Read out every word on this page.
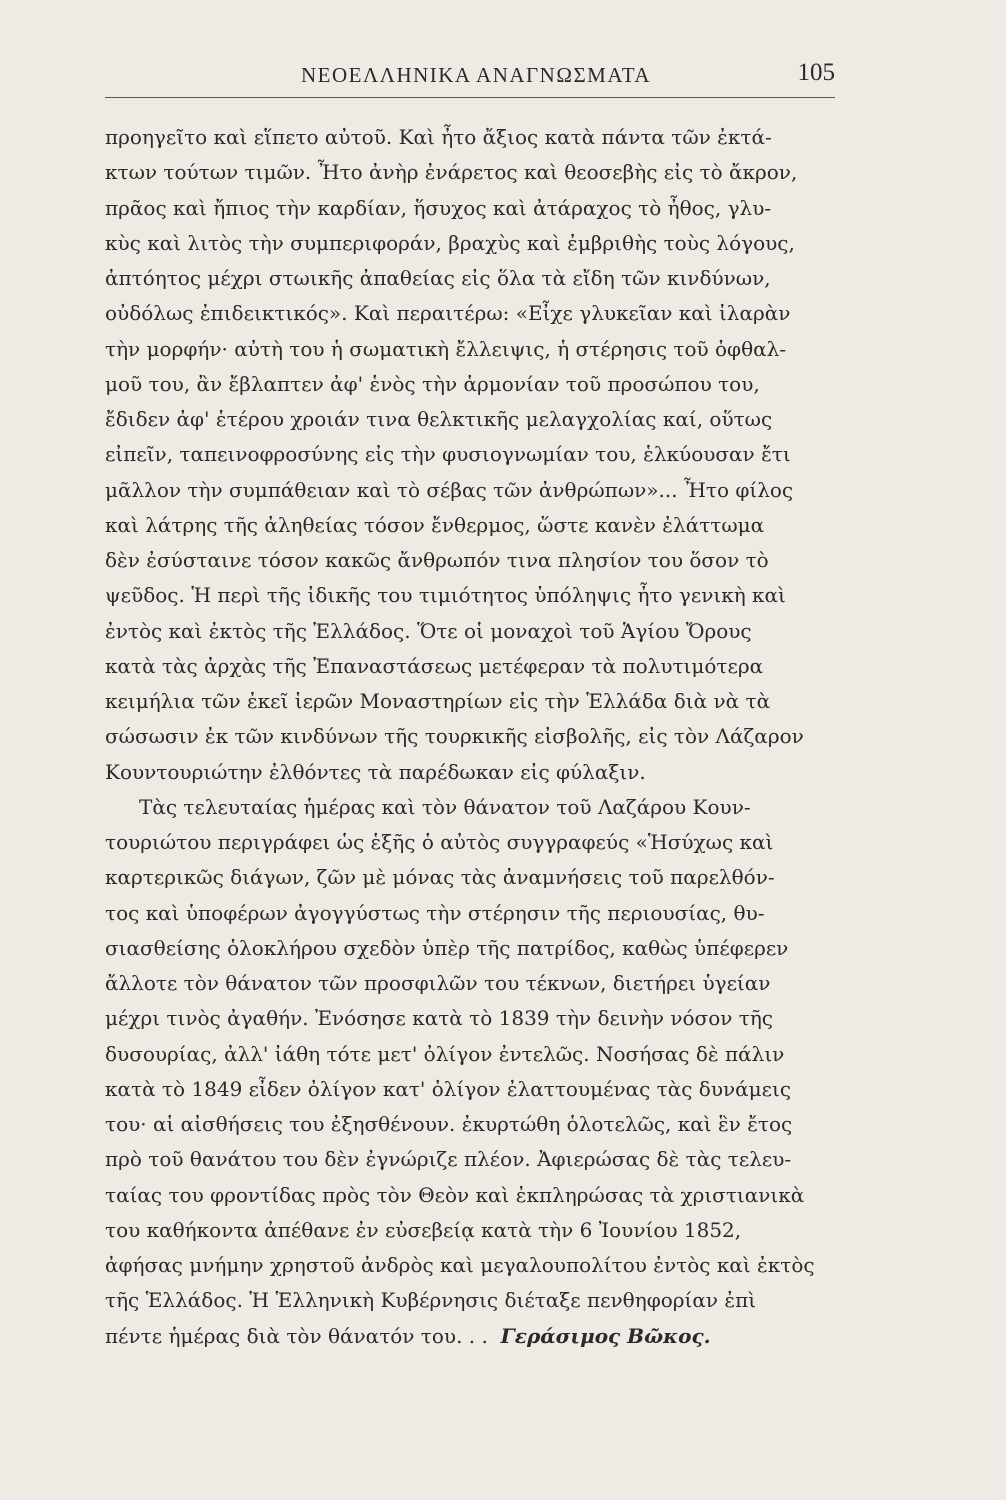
ΝΕΟΕΛΛΗΝΙΚΑ ΑΝΑΓΝΩΣΜΑΤΑ	105
προηγεῖτο καὶ εἵπετο αὐτοῦ. Καὶ ἦτο ἄξιος κατὰ πάντα τῶν ἐκτά-
κτων τούτων τιμῶν. Ἦτο ἀνὴρ ἐνάρετος καὶ θεοσεβὴς εἰς τὸ ἄκρον,
πρᾶος καὶ ἤπιος τὴν καρδίαν, ἥσυχος καὶ ἀτάραχος τὸ ἦθος, γλυ-
κὺς καὶ λιτὸς τὴν συμπεριφοράν, βραχὺς καὶ ἐμβριθὴς τοὺς λόγους,
ἀπτόητος μέχρι στωικῆς ἀπαθείας εἰς ὅλα τὰ εἴδη τῶν κινδύνων,
οὐδόλως ἐπιδεικτικός». Καὶ περαιτέρω: «Εἶχε γλυκεῖαν καὶ ἱλαρὰν
τὴν μορφήν· αὐτὴ του ἡ σωματικὴ ἔλλειψις, ἡ στέρησις τοῦ ὀφθαλ-
μοῦ του, ἂν ἔβλαπτεν ἀφ' ἑνὸς τὴν ἁρμονίαν τοῦ προσώπου του,
ἔδιδεν ἀφ' ἑτέρου χροιάν τινα θελκτικῆς μελαγχολίας καί, οὕτως
εἰπεῖν, ταπεινοφροσύνης εἰς τὴν φυσιογνωμίαν του, ἑλκύουσαν ἔτι
μᾶλλον τὴν συμπάθειαν καὶ τὸ σέβας τῶν ἀνθρώπων»... Ἦτο φίλος
καὶ λάτρης τῆς ἀληθείας τόσον ἔνθερμος, ὥστε κανὲν ἐλάττωμα
δὲν ἐσύσταινε τόσον κακῶς ἄνθρωπόν τινα πλησίον του ὅσον τὸ
ψεῦδος. Ἡ περὶ τῆς ἰδικῆς του τιμιότητος ὑπόληψις ἦτο γενικὴ καὶ
ἐντὸς καὶ ἐκτὸς τῆς Ἑλλάδος. Ὅτε οἱ μοναχοὶ τοῦ Ἁγίου Ὄρους
κατὰ τὰς ἀρχὰς τῆς Ἐπαναστάσεως μετέφεραν τὰ πολυτιμότερα
κειμήλια τῶν ἐκεῖ ἱερῶν Μοναστηρίων εἰς τὴν Ἑλλάδα διὰ νὰ τὰ
σώσωσιν ἐκ τῶν κινδύνων τῆς τουρκικῆς εἰσβολῆς, εἰς τὸν Λάζαρον
Κουντουριώτην ἐλθόντες τὰ παρέδωκαν εἰς φύλαξιν.
Τὰς τελευταίας ἡμέρας καὶ τὸν θάνατον τοῦ Λαζάρου Κουν-
τουριώτου περιγράφει ὡς ἑξῆς ὁ αὐτὸς συγγραφεύς «Ἡσύχως καὶ
καρτερικῶς διάγων, ζῶν μὲ μόνας τὰς ἀναμνήσεις τοῦ παρελθόν-
τος καὶ ὑποφέρων ἀγογγύστως τὴν στέρησιν τῆς περιουσίας, θυ-
σιασθείσης ὁλοκλήρου σχεδὸν ὑπὲρ τῆς πατρίδος, καθὼς ὑπέφερεν
ἄλλοτε τὸν θάνατον τῶν προσφιλῶν του τέκνων, διετήρει ὑγείαν
μέχρι τινὸς ἀγαθήν. Ἐνόσησε κατὰ τὸ 1839 τὴν δεινὴν νόσον τῆς
δυσουρίας, ἀλλ' ἰάθη τότε μετ' ὀλίγον ἐντελῶς. Νοσήσας δὲ πάλιν
κατὰ τὸ 1849 εἶδεν ὀλίγον κατ' ὀλίγον ἐλαττουμένας τὰς δυνάμεις
του· αἱ αἰσθήσεις του ἐξησθένουν. ἐκυρτώθη ὁλοτελῶς, καὶ ἓν ἔτος
πρὸ τοῦ θανάτου του δὲν ἐγνώριζε πλέον. Ἀφιερώσας δὲ τὰς τελευ-
ταίας του φροντίδας πρὸς τὸν Θεὸν καὶ ἐκπληρώσας τὰ χριστιανικὰ
του καθήκοντα ἀπέθανε ἐν εὐσεβείᾳ κατὰ τὴν 6 Ἰουνίου 1852,
ἀφήσας μνήμην χρηστοῦ ἀνδρὸς καὶ μεγαλουπολίτου ἐντὸς καὶ ἐκτὸς
τῆς Ἑλλάδος. Ἡ Ἑλληνικὴ Κυβέρνησις διέταξε πενθηφορίαν ἐπὶ
πέντε ἡμέρας διὰ τὸν θάνατόν του. . . Γεράσιμος Βῶκος.
